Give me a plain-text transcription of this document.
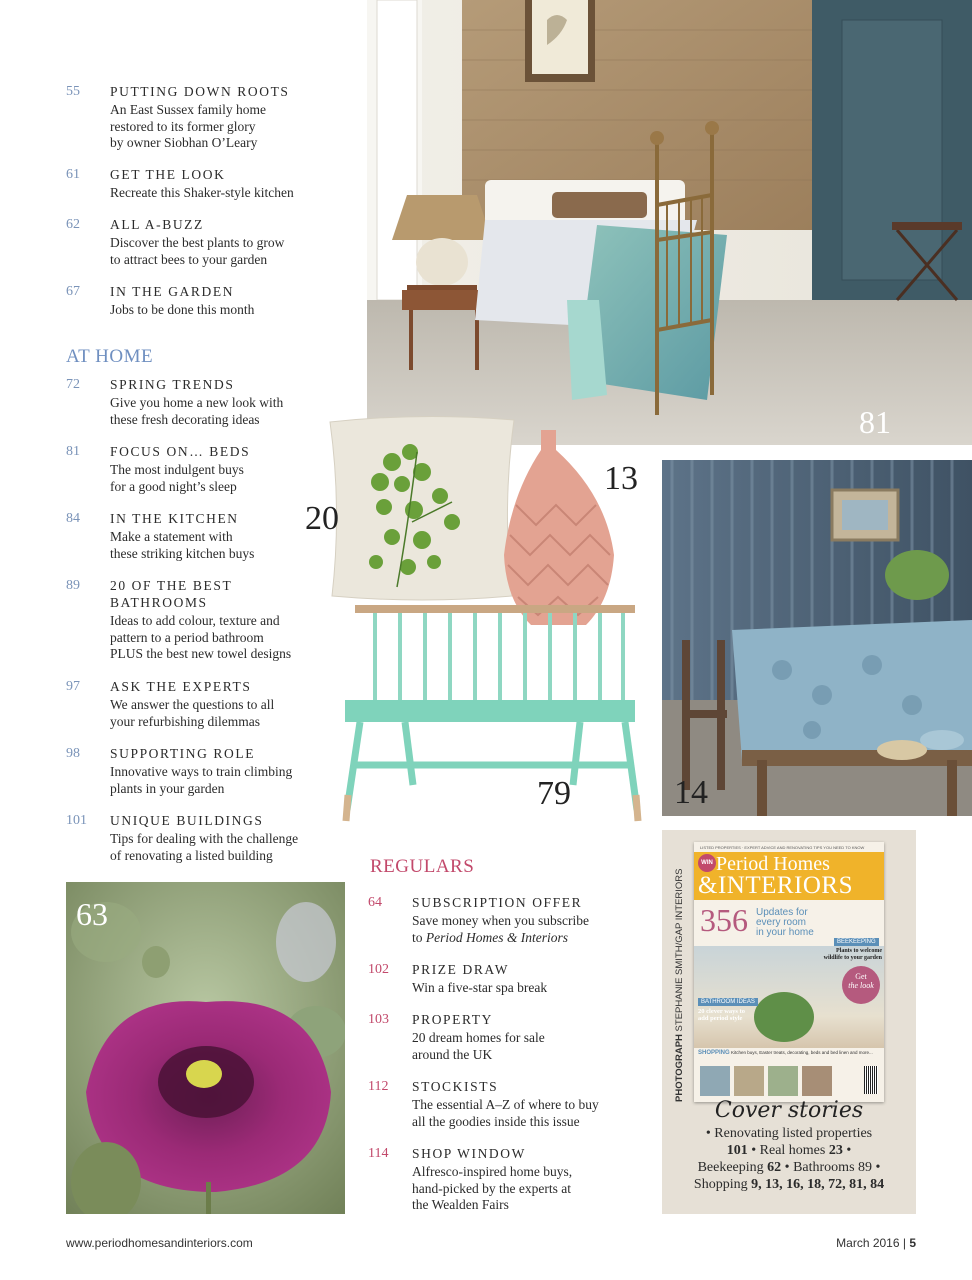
55	PUTTING DOWN ROOTS
An East Sussex family home
restored to its former glory
by owner Siobhan O’Leary
61	GET THE LOOK
Recreate this Shaker-style kitchen
62	ALL A-BUZZ
Discover the best plants to grow
to attract bees to your garden
67	IN THE GARDEN
Jobs to be done this month
AT HOME
72	SPRING TRENDS
Give you home a new look with
these fresh decorating ideas
81	FOCUS ON… BEDS
The most indulgent buys
for a good night’s sleep
84	IN THE KITCHEN
Make a statement with
these striking kitchen buys
89	20 OF THE BEST
BATHROOMS
Ideas to add colour, texture and
pattern to a period bathroom
PLUS the best new towel designs
97	ASK THE EXPERTS
We answer the questions to all
your refurbishing dilemmas
98	SUPPORTING ROLE
Innovative ways to train climbing
plants in your garden
101	UNIQUE BUILDINGS
Tips for dealing with the challenge
of renovating a listed building
81
20
13
79	14
63
REGULARS
64	SUBSCRIPTION OFFER
Save money when you subscribe
to Period Homes & Interiors
102	PRIZE DRAW
Win a five-star spa break
103	PROPERTY
20 dream homes for sale
around the UK
112	STOCKISTS
The essential A–Z of where to buy
all the goodies inside this issue
114	SHOP WINDOW
Alfresco-inspired home buys,
hand-picked by the experts at
the Wealden Fairs
PHOTOGRAPH STEPHANIE SMITH/GAP INTERIORS
LISTED PROPERTIES · EXPERT ADVICE AND RENOVATING TIPS YOU NEED TO KNOW
WIN Period Homes
&INTERIORS
356 Updates for
every room
in your home
BEEKEEPING
Plants to welcome
wildlife to your garden
Get
the look
BATHROOM IDEAS
20 clever ways to
add period style
SHOPPING Kitchen buys, Easter treats, decorating, beds and bed linen and more...
Cover stories
• Renovating listed properties
101 • Real homes 23 •
Beekeeping 62 • Bathrooms 89 •
Shopping 9, 13, 16, 18, 72, 81, 84
www.periodhomesandinteriors.com	March 2016 | 5
